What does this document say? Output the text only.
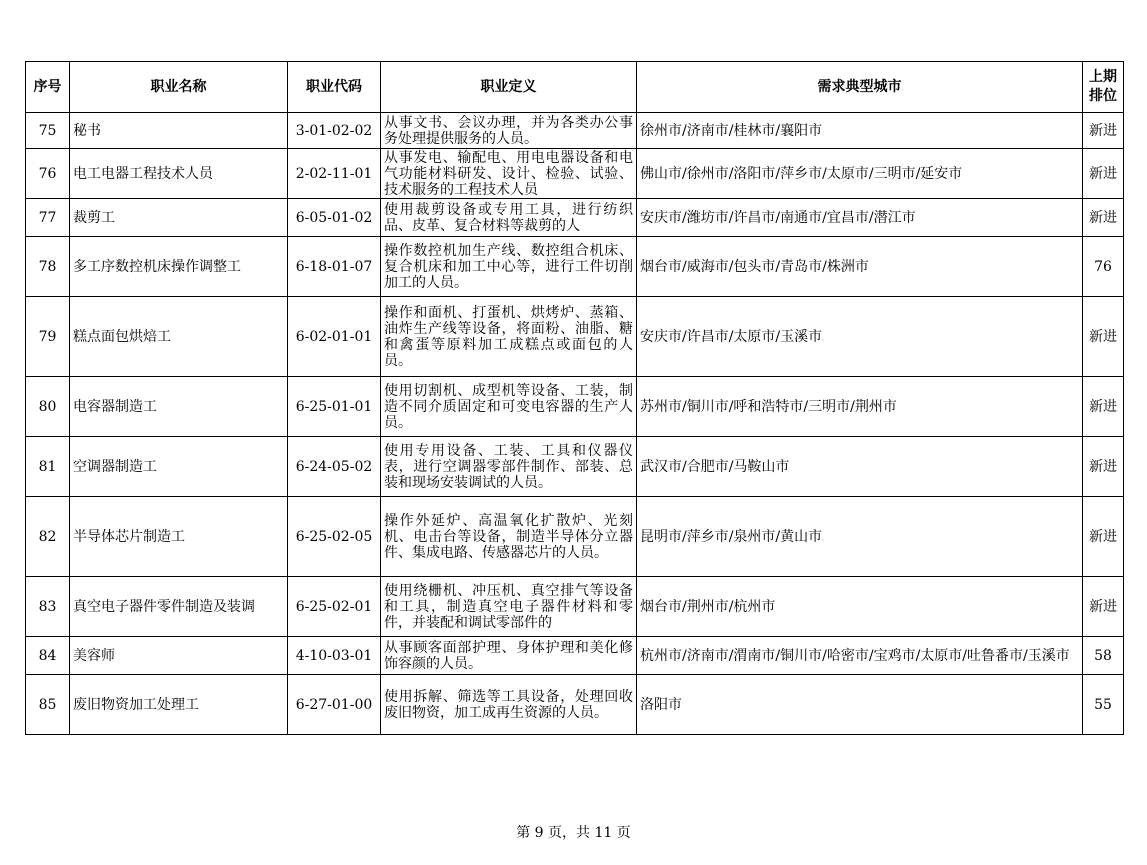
序号	职业名称	职业代码	职业定义	需求典型城市	上期排位
75	秘书	3-01-02-02	从事文书、会议办理，并为各类办公事务处理提供服务的人员。	徐州市/济南市/桂林市/襄阳市	新进
76	电工电器工程技术人员	2-02-11-01	从事发电、输配电、用电电器设备和电气功能材料研发、设计、检验、试验、技术服务的工程技术人员	佛山市/徐州市/洛阳市/萍乡市/太原市/三明市/延安市	新进
77	裁剪工	6-05-01-02	使用裁剪设备或专用工具，进行纺织品、皮革、复合材料等裁剪的人	安庆市/潍坊市/许昌市/南通市/宜昌市/潜江市	新进
78	多工序数控机床操作调整工	6-18-01-07	操作数控机加生产线、数控组合机床、复合机床和加工中心等，进行工件切削加工的人员。	烟台市/威海市/包头市/青岛市/株洲市	76
79	糕点面包烘焙工	6-02-01-01	操作和面机、打蛋机、烘烤炉、蒸箱、油炸生产线等设备，将面粉、油脂、糖和禽蛋等原料加工成糕点或面包的人员。	安庆市/许昌市/太原市/玉溪市	新进
80	电容器制造工	6-25-01-01	使用切割机、成型机等设备、工装，制造不同介质固定和可变电容器的生产人员。	苏州市/铜川市/呼和浩特市/三明市/荆州市	新进
81	空调器制造工	6-24-05-02	使用专用设备、工装、工具和仪器仪表，进行空调器零部件制作、部装、总装和现场安装调试的人员。	武汉市/合肥市/马鞍山市	新进
82	半导体芯片制造工	6-25-02-05	操作外延炉、高温氧化扩散炉、光刻机、电击台等设备，制造半导体分立器件、集成电路、传感器芯片的人员。	昆明市/萍乡市/泉州市/黄山市	新进
83	真空电子器件零件制造及装调	6-25-02-01	使用绕栅机、冲压机、真空排气等设备和工具，制造真空电子器件材料和零件，并装配和调试零部件的	烟台市/荆州市/杭州市	新进
84	美容师	4-10-03-01	从事顾客面部护理、身体护理和美化修饰容颜的人员。	杭州市/济南市/渭南市/铜川市/哈密市/宝鸡市/太原市/吐鲁番市/玉溪市	58
85	废旧物资加工处理工	6-27-01-00	使用拆解、筛选等工具设备，处理回收废旧物资，加工成再生资源的人员。	洛阳市	55
第 9 页，共 11 页
